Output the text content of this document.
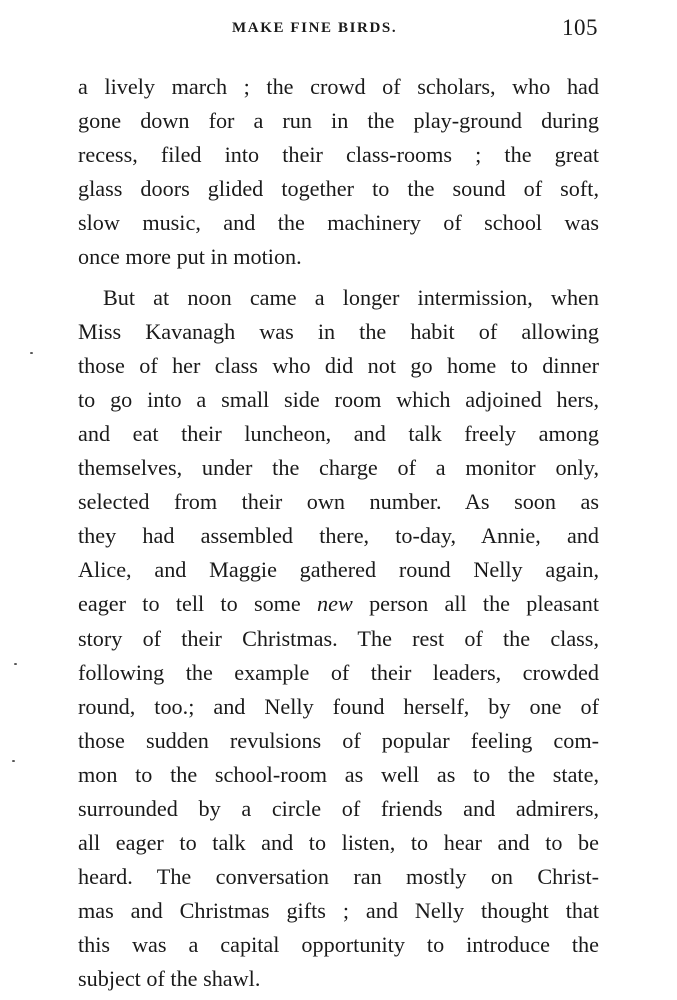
MAKE FINE BIRDS.	105
a lively march ; the crowd of scholars, who had
gone down for a run in the play-ground during
recess, filed into their class-rooms ; the great
glass doors glided together to the sound of soft,
slow music, and the machinery of school was
once more put in motion.
But at noon came a longer intermission, when
Miss Kavanagh was in the habit of allowing
those of her class who did not go home to dinner
to go into a small side room which adjoined hers,
and eat their luncheon, and talk freely among
themselves, under the charge of a monitor only,
selected from their own number. As soon as
they had assembled there, to-day, Annie, and
Alice, and Maggie gathered round Nelly again,
eager to tell to some new person all the pleasant
story of their Christmas. The rest of the class,
following the example of their leaders, crowded
round, too.; and Nelly found herself, by one of
those sudden revulsions of popular feeling com-
mon to the school-room as well as to the state,
surrounded by a circle of friends and admirers,
all eager to talk and to listen, to hear and to be
heard. The conversation ran mostly on Christ-
mas and Christmas gifts ; and Nelly thought that
this was a capital opportunity to introduce the
subject of the shawl.
